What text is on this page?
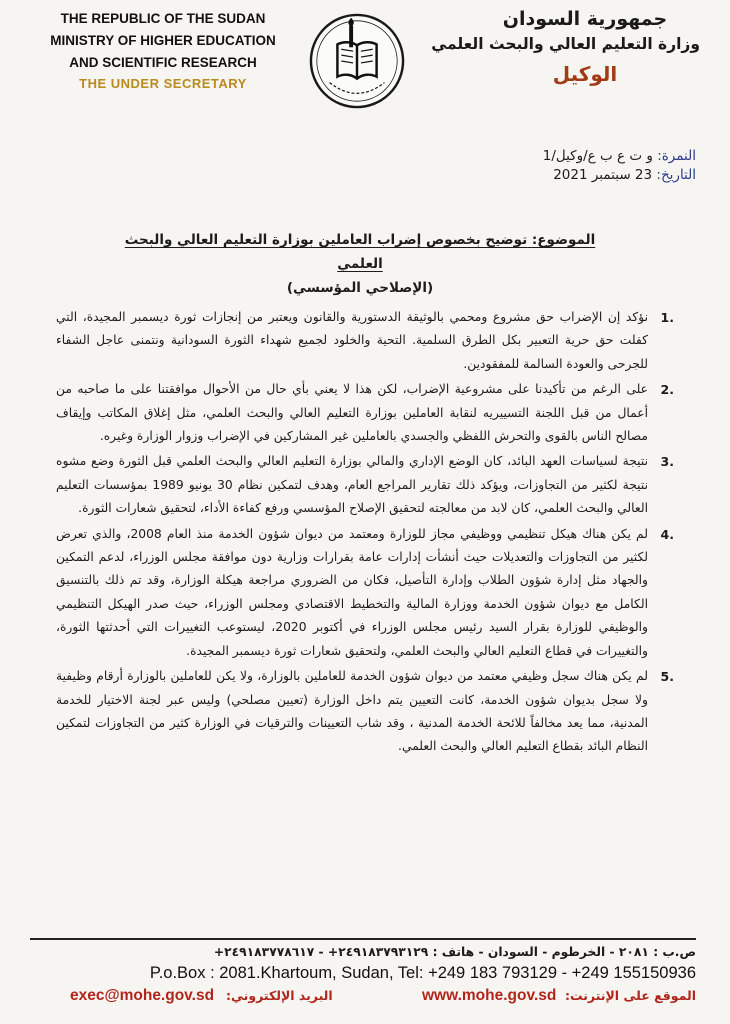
THE REPUBLIC OF THE SUDAN
MINISTRY OF HIGHER EDUCATION
AND SCIENTIFIC RESEARCH
THE UNDER SECRETARY
جمهورية السودان
وزارة التعليم العالي والبحث العلمي
الوكيل
النمرة: و ت ع ب ع/وكيل/1
التاريخ: 23 سبتمبر 2021
الموضوع: توضيح بخصوص إضراب العاملين بوزارة التعليم العالي والبحث العلمي
(الإصلاحي المؤسسي)
1.
نؤكد إن الإضراب حق مشروع ومحمي بالوثيقة الدستورية والقانون ويعتبر من إنجازات ثورة ديسمبر المجيدة، التي كفلت حق حرية التعبير بكل الطرق السلمية. التحية والخلود لجميع شهداء الثورة السودانية ونتمنى عاجل الشفاء للجرحى والعودة السالمة للمفقودين.
2.
على الرغم من تأكيدنا على مشروعية الإضراب، لكن هذا لا يعني بأي حال من الأحوال موافقتنا على ما صاحبه من أعمال من قبل اللجنة التسييريه لنقابة العاملين بوزارة التعليم العالي والبحث العلمي، مثل إغلاق المكاتب وإيقاف مصالح الناس بالقوى والتحرش اللفظي والجسدي بالعاملين غير المشاركين في الإضراب وزوار الوزارة وغيره.
3.
نتيجة لسياسات العهد البائد، كان الوضع الإداري والمالي بوزارة التعليم العالي والبحث العلمي قبل الثورة وضع مشوه نتيجة لكثير من التجاوزات، ويؤكد ذلك تقارير المراجع العام، وهدف لتمكين نظام 30 يونيو 1989 بمؤسسات التعليم العالي والبحث العلمي، كان لابد من معالجته لتحقيق الإصلاح المؤسسي ورفع كفاءة الأداء، لتحقيق شعارات الثورة.
4.
لم يكن هناك هيكل تنظيمي ووظيفي مجاز للوزارة ومعتمد من ديوان شؤون الخدمة منذ العام 2008، والذي تعرض لكثير من التجاوزات والتعديلات حيث أنشأت إدارات عامة بقرارات وزارية دون موافقة مجلس الوزراء، لدعم التمكين والجهاد مثل إدارة شؤون الطلاب وإدارة التأصيل، فكان من الضروري مراجعة هيكلة الوزارة، وقد تم ذلك بالتنسيق الكامل مع ديوان شؤون الخدمة ووزارة المالية والتخطيط الاقتصادي ومجلس الوزراء، حيث صدر الهيكل التنظيمي والوظيفي للوزارة بقرار السيد رئيس مجلس الوزراء في أكتوبر 2020، ليستوعب التغييرات التي أحدثتها الثورة، والتغييرات في قطاع التعليم العالي والبحث العلمي، ولتحقيق شعارات ثورة ديسمبر المجيدة.
5.
لم يكن هناك سجل وظيفي معتمد من ديوان شؤون الخدمة للعاملين بالوزارة، ولا يكن للعاملين بالوزارة أرقام وظيفية ولا سجل بديوان شؤون الخدمة، كانت التعيين يتم داخل الوزارة (تعيين مصلحي) وليس عبر لجنة الاختيار للخدمة المدنية، مما يعد مخالفاً للائحة الخدمة المدنية ، وقد شاب التعيينات والترقيات في الوزارة كثير من التجاوزات لتمكين النظام البائد بقطاع التعليم العالي والبحث العلمي.
ص.ب : ٢٠٨١ - الخرطوم - السودان - هاتف : ٢٤٩١٨٣٧٩٣١٢٩+ - ٢٤٩١٨٣٧٧٨٦١٧+
P.o.Box : 2081.Khartoum, Sudan, Tel: +249 183 793129 - +249 155150936
exec@mohe.gov.sd البريد الإلكتروني:	www.mohe.gov.sd الموقع على الإنترنت:
